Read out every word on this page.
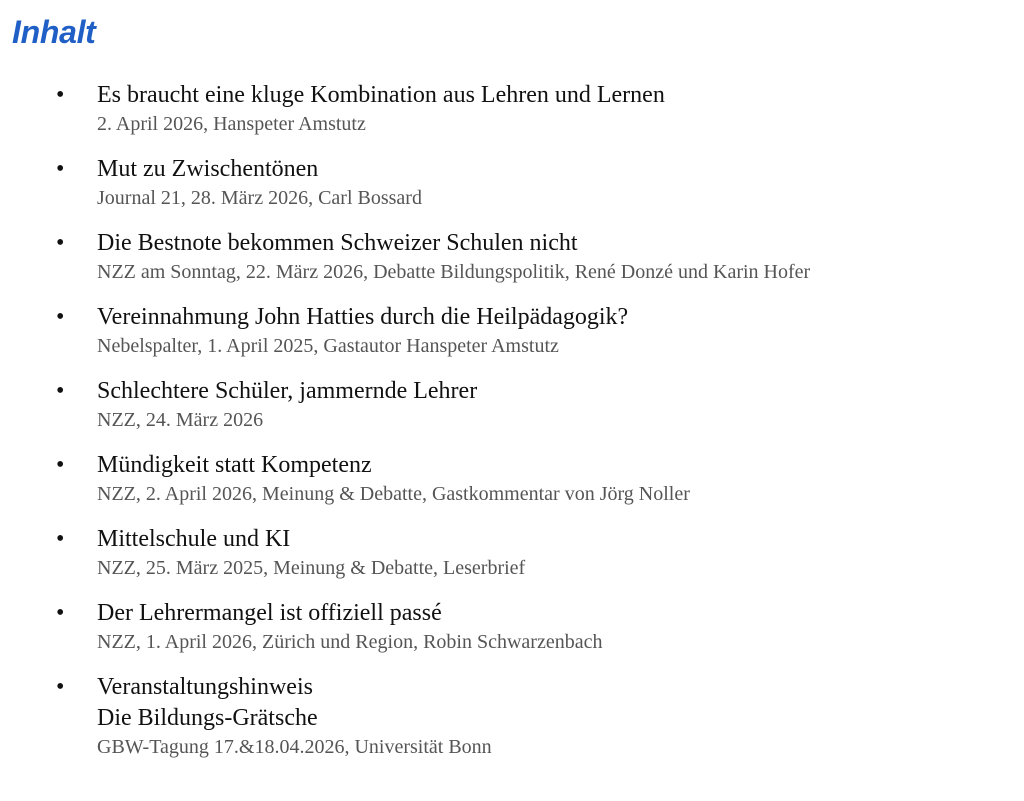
Inhalt
• Es braucht eine kluge Kombination aus Lehren und Lernen
2. April 2026, Hanspeter Amstutz
• Mut zu Zwischentönen
Journal 21, 28. März 2026, Carl Bossard
• Die Bestnote bekommen Schweizer Schulen nicht
NZZ am Sonntag, 22. März 2026, Debatte Bildungspolitik, René Donzé und Karin Hofer
• Vereinnahmung John Hatties durch die Heilpädagogik?
Nebelspalter, 1. April 2025, Gastautor Hanspeter Amstutz
• Schlechtere Schüler, jammernde Lehrer
NZZ, 24. März 2026
• Mündigkeit statt Kompetenz
NZZ, 2. April 2026, Meinung & Debatte, Gastkommentar von Jörg Noller
• Mittelschule und KI
NZZ, 25. März 2025, Meinung & Debatte, Leserbrief
• Der Lehrermangel ist offiziell passé
NZZ, 1. April 2026, Zürich und Region, Robin Schwarzenbach
• Veranstaltungshinweis
Die Bildungs-Grätsche
GBW-Tagung 17.&18.04.2026, Universität Bonn
